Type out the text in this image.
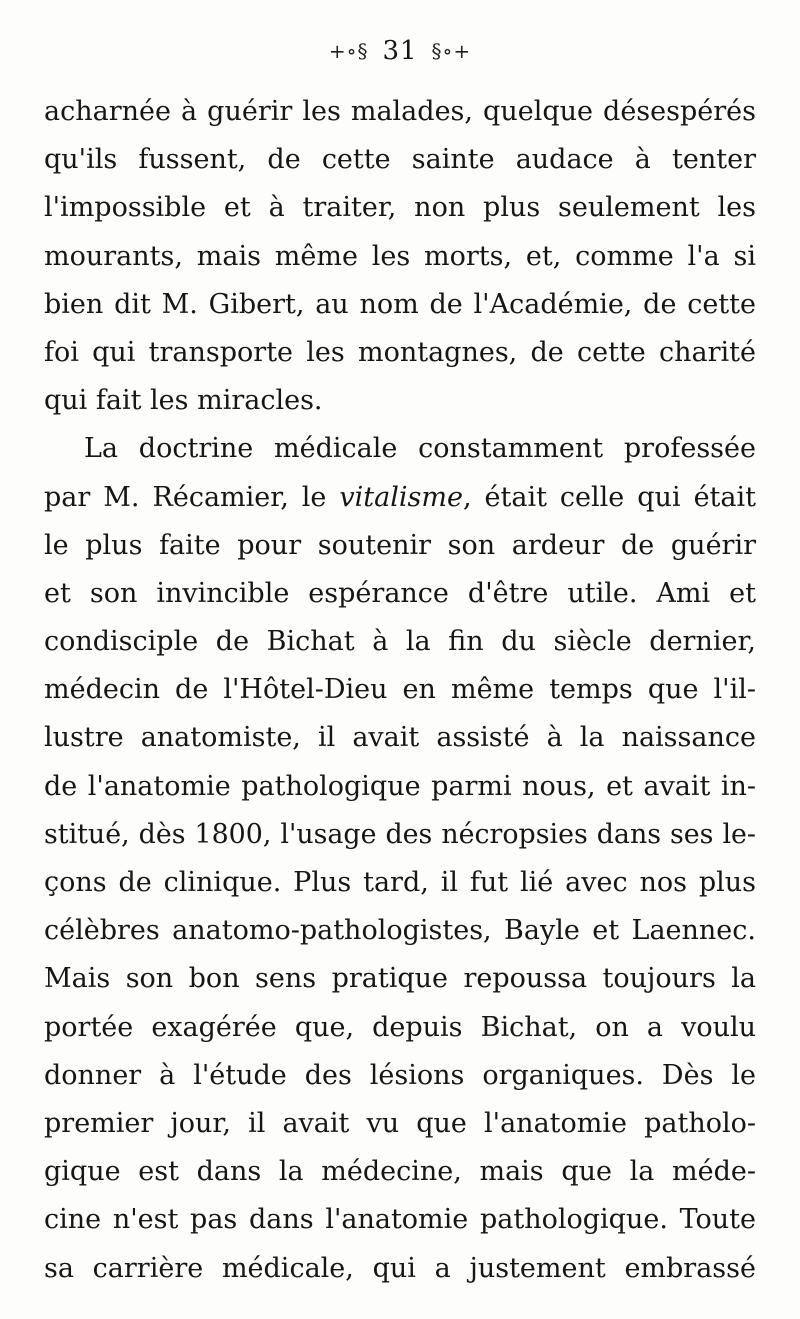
+∘§ 31 §∘+
acharnée à guérir les malades, quelque désespérés
qu'ils fussent, de cette sainte audace à tenter
l'impossible et à traiter, non plus seulement les
mourants, mais même les morts, et, comme l'a si
bien dit M. Gibert, au nom de l'Académie, de cette
foi qui transporte les montagnes, de cette charité
qui fait les miracles.
La doctrine médicale constamment professée
par M. Récamier, le vitalisme, était celle qui était
le plus faite pour soutenir son ardeur de guérir
et son invincible espérance d'être utile. Ami et
condisciple de Bichat à la fin du siècle dernier,
médecin de l'Hôtel-Dieu en même temps que l'il-
lustre anatomiste, il avait assisté à la naissance
de l'anatomie pathologique parmi nous, et avait in-
stitué, dès 1800, l'usage des nécropsies dans ses le-
çons de clinique. Plus tard, il fut lié avec nos plus
célèbres anatomo-pathologistes, Bayle et Laennec.
Mais son bon sens pratique repoussa toujours la
portée exagérée que, depuis Bichat, on a voulu
donner à l'étude des lésions organiques. Dès le
premier jour, il avait vu que l'anatomie patholo-
gique est dans la médecine, mais que la méde-
cine n'est pas dans l'anatomie pathologique. Toute
sa carrière médicale, qui a justement embrassé
